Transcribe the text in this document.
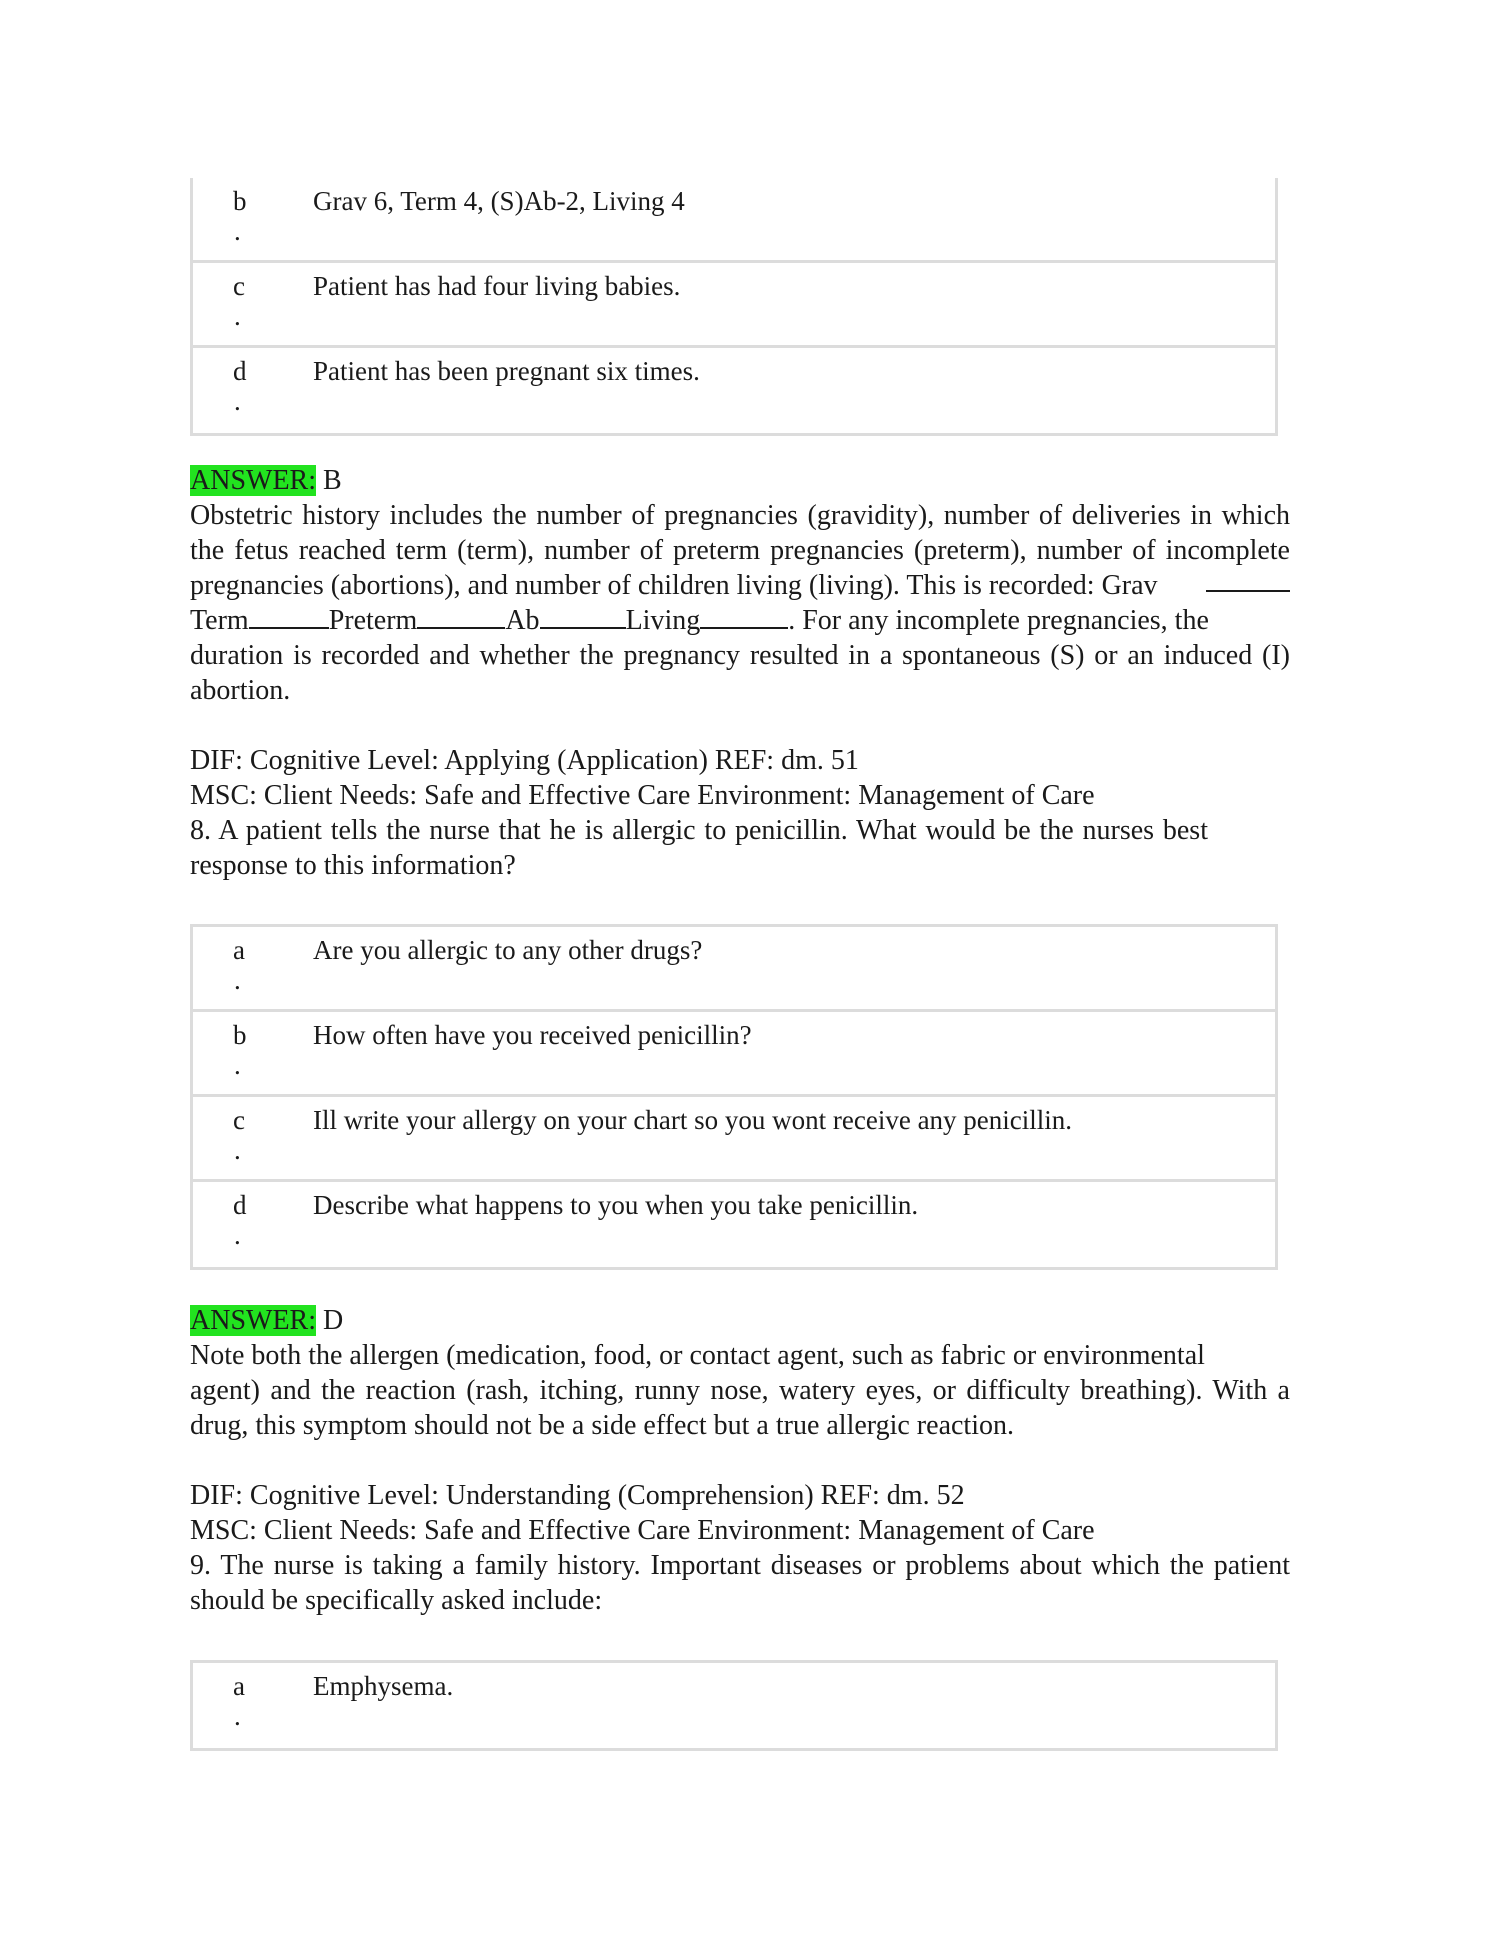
b
.
Grav 6, Term 4, (S)Ab-2, Living 4
c
.
Patient has had four living babies.
d
.
Patient has been pregnant six times.
ANSWER: B
Obstetric history includes the number of pregnancies (gravidity), number of deliveries in which
the fetus reached term (term), number of preterm pregnancies (preterm), number of incomplete
pregnancies (abortions), and number of children living (living). This is recorded: Grav
Term	Preterm	Ab	Living	. For any incomplete pregnancies, the
duration is recorded and whether the pregnancy resulted in a spontaneous (S) or an induced (I)
abortion.
DIF: Cognitive Level: Applying (Application) REF: dm. 51
MSC: Client Needs: Safe and Effective Care Environment: Management of Care
8. A patient tells the nurse that he is allergic to penicillin. What would be the nurses best
response to this information?
a
.
Are you allergic to any other drugs?
b
.
How often have you received penicillin?
c
.
Ill write your allergy on your chart so you wont receive any penicillin.
d
.
Describe what happens to you when you take penicillin.
ANSWER: D
Note both the allergen (medication, food, or contact agent, such as fabric or environmental
agent) and the reaction (rash, itching, runny nose, watery eyes, or difficulty breathing). With a
drug, this symptom should not be a side effect but a true allergic reaction.
DIF: Cognitive Level: Understanding (Comprehension) REF: dm. 52
MSC: Client Needs: Safe and Effective Care Environment: Management of Care
9. The nurse is taking a family history. Important diseases or problems about which the patient
should be specifically asked include:
a
.
Emphysema.
